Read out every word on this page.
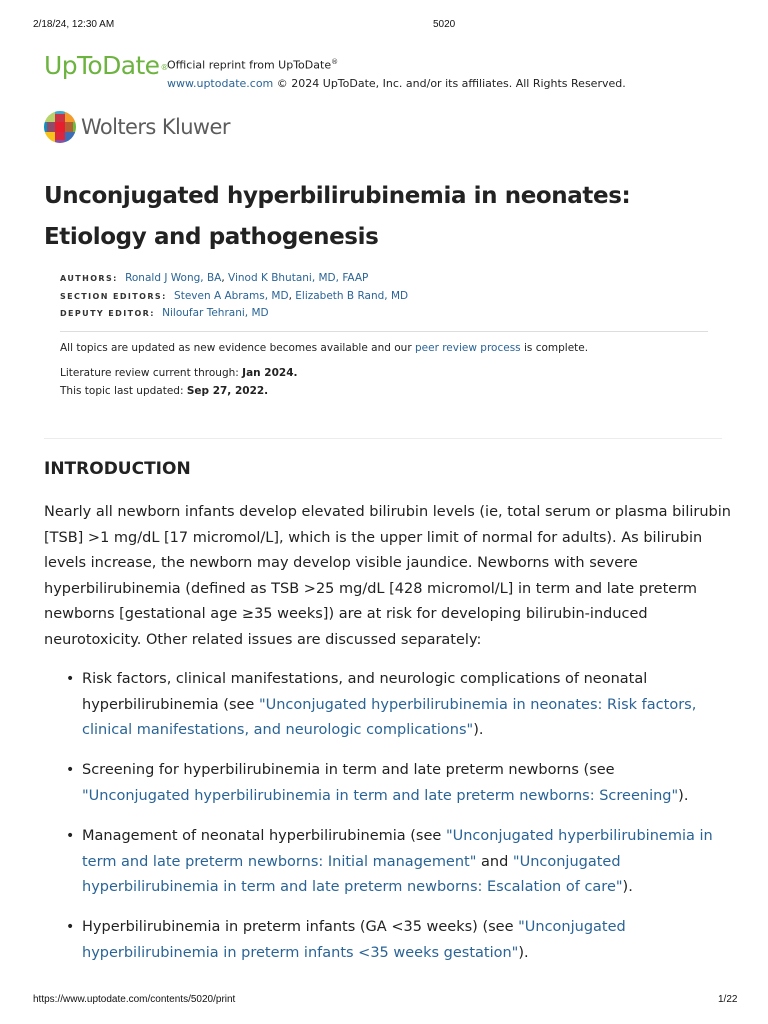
2/18/24, 12:30 AM	5020
UpToDate® Official reprint from UpToDate®
www.uptodate.com © 2024 UpToDate, Inc. and/or its affiliates. All Rights Reserved.
Wolters Kluwer
Unconjugated hyperbilirubinemia in neonates: Etiology and pathogenesis
AUTHORS: Ronald J Wong, BA, Vinod K Bhutani, MD, FAAP
SECTION EDITORS: Steven A Abrams, MD, Elizabeth B Rand, MD
DEPUTY EDITOR: Niloufar Tehrani, MD
All topics are updated as new evidence becomes available and our peer review process is complete.
Literature review current through: Jan 2024.
This topic last updated: Sep 27, 2022.
INTRODUCTION

Nearly all newborn infants develop elevated bilirubin levels (ie, total serum or plasma bilirubin [TSB] >1 mg/dL [17 micromol/L], which is the upper limit of normal for adults). As bilirubin levels increase, the newborn may develop visible jaundice. Newborns with severe hyperbilirubinemia (defined as TSB >25 mg/dL [428 micromol/L] in term and late preterm newborns [gestational age ≥35 weeks]) are at risk for developing bilirubin-induced neurotoxicity. Other related issues are discussed separately:

• Risk factors, clinical manifestations, and neurologic complications of neonatal hyperbilirubinemia (see "Unconjugated hyperbilirubinemia in neonates: Risk factors, clinical manifestations, and neurologic complications").
• Screening for hyperbilirubinemia in term and late preterm newborns (see "Unconjugated hyperbilirubinemia in term and late preterm newborns: Screening").
• Management of neonatal hyperbilirubinemia (see "Unconjugated hyperbilirubinemia in term and late preterm newborns: Initial management" and "Unconjugated hyperbilirubinemia in term and late preterm newborns: Escalation of care").
• Hyperbilirubinemia in preterm infants (GA <35 weeks) (see "Unconjugated hyperbilirubinemia in preterm infants <35 weeks gestation").
https://www.uptodate.com/contents/5020/print	1/22
